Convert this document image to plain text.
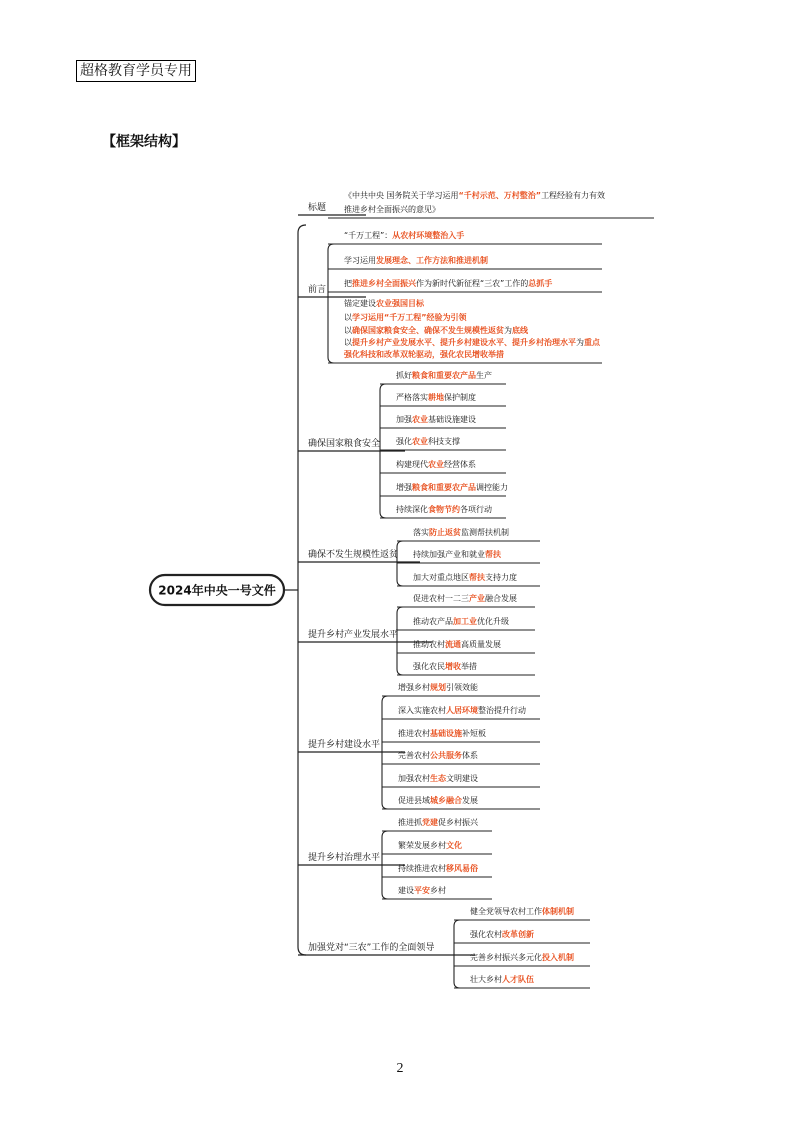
超格教育学员专用
【框架结构】
2024年中央一号文件
标题
《中共中央 国务院关于学习运用“千村示范、万村整治”工程经验有力有效
推进乡村全面振兴的意见》
前言
“千万工程”：从农村环境整治入手
学习运用发展理念、工作方法和推进机制
把推进乡村全面振兴作为新时代新征程“三农”工作的总抓手
锚定建设农业强国目标
以学习运用“千万工程”经验为引领
以确保国家粮食安全、确保不发生规模性返贫为底线
以提升乡村产业发展水平、提升乡村建设水平、提升乡村治理水平为重点
强化科技和改革双轮驱动，强化农民增收举措
确保国家粮食安全
抓好粮食和重要农产品生产
严格落实耕地保护制度
加强农业基础设施建设
强化农业科技支撑
构建现代农业经营体系
增强粮食和重要农产品调控能力
持续深化食物节约各项行动
确保不发生规模性返贫
落实防止返贫监测帮扶机制
持续加强产业和就业帮扶
加大对重点地区帮扶支持力度
提升乡村产业发展水平
促进农村一二三产业融合发展
推动农产品加工业优化升级
推动农村流通高质量发展
强化农民增收举措
提升乡村建设水平
增强乡村规划引领效能
深入实施农村人居环境整治提升行动
推进农村基础设施补短板
完善农村公共服务体系
加强农村生态文明建设
促进县域城乡融合发展
提升乡村治理水平
推进抓党建促乡村振兴
繁荣发展乡村文化
持续推进农村移风易俗
建设平安乡村
加强党对“三农”工作的全面领导
健全党领导农村工作体制机制
强化农村改革创新
完善乡村振兴多元化投入机制
壮大乡村人才队伍
2
